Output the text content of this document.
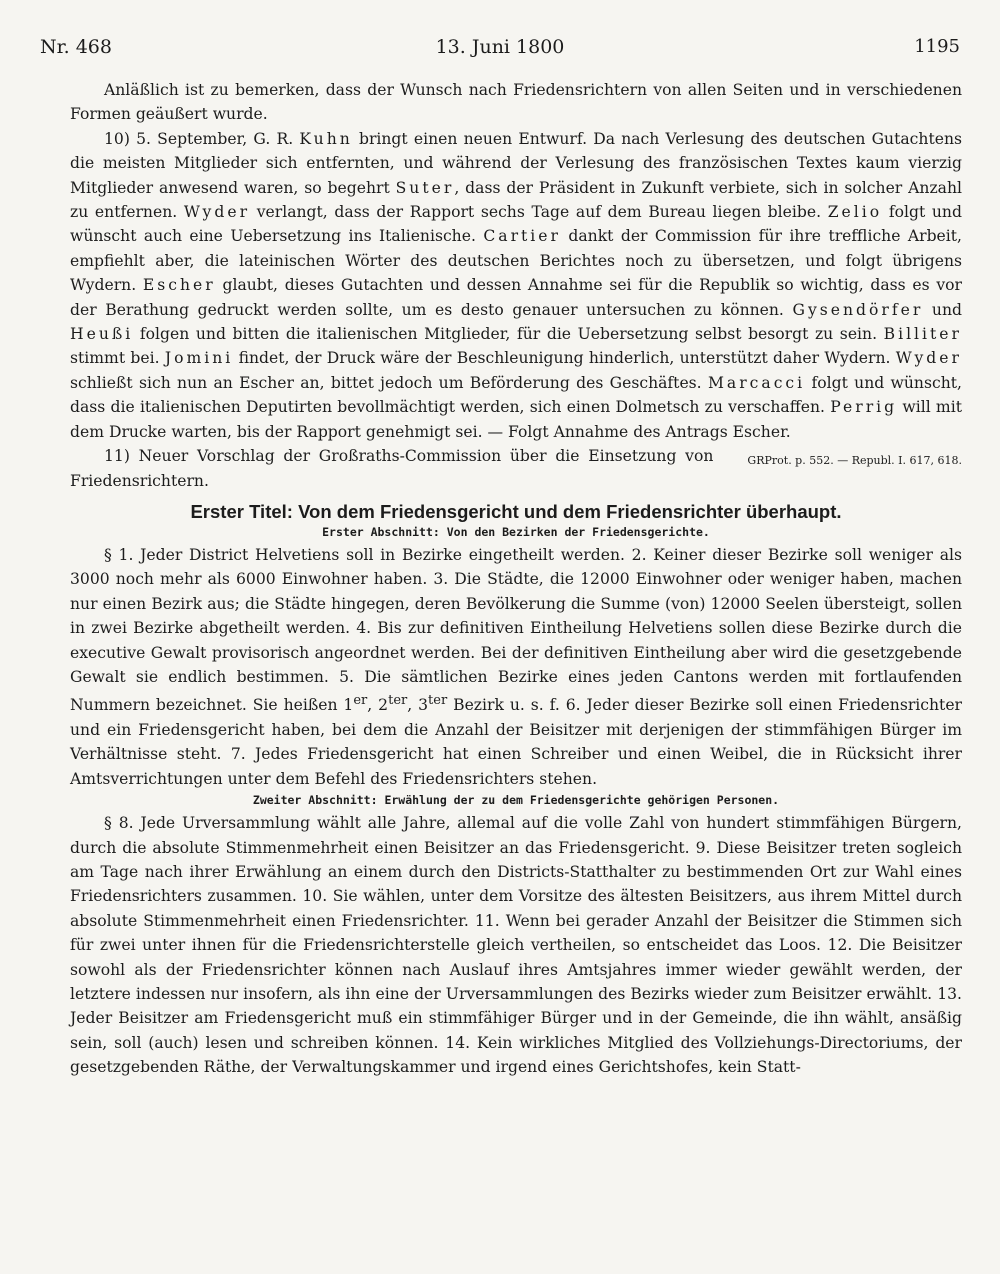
Nr. 468	13. Juni 1800	1195

Anläßlich ist zu bemerken, dass der Wunsch nach Friedensrichtern von allen Seiten und in verschiedenen Formen geäußert wurde.

10) 5. September, G. R. Kuhn bringt einen neuen Entwurf. Da nach Verlesung des deutschen Gutachtens die meisten Mitglieder sich entfernten, und während der Verlesung des französischen Textes kaum vierzig Mitglieder anwesend waren, so begehrt Suter, dass der Präsident in Zukunft verbiete, sich in solcher Anzahl zu entfernen. Wyder verlangt, dass der Rapport sechs Tage auf dem Bureau liegen bleibe. Zelio folgt und wünscht auch eine Uebersetzung ins Italienische. Cartier dankt der Commission für ihre treffliche Arbeit, empfiehlt aber, die lateinischen Wörter des deutschen Berichtes noch zu übersetzen, und folgt übrigens Wydern. Escher glaubt, dieses Gutachten und dessen Annahme sei für die Republik so wichtig, dass es vor der Berathung gedruckt werden sollte, um es desto genauer untersuchen zu können. Gysendörfer und Heußi folgen und bitten die italienischen Mitglieder, für die Uebersetzung selbst besorgt zu sein. Billiter stimmt bei. Jomini findet, der Druck wäre der Beschleunigung hinderlich, unterstützt daher Wydern. Wyder schließt sich nun an Escher an, bittet jedoch um Beförderung des Geschäftes. Marcacci folgt und wünscht, dass die italienischen Deputirten bevollmächtigt werden, sich einen Dolmetsch zu verschaffen. Perrig will mit dem Drucke warten, bis der Rapport genehmigt sei. — Folgt Annahme des Antrags Escher.
GRProt. p. 552. — Republ. I. 617, 618.

11) Neuer Vorschlag der Großraths-Commission über die Einsetzung von Friedensrichtern.

Erster Titel: Von dem Friedensgericht und dem Friedensrichter überhaupt.
Erster Abschnitt: Von den Bezirken der Friedensgerichte.

§ 1. Jeder District Helvetiens soll in Bezirke eingetheilt werden. 2. Keiner dieser Bezirke soll weniger als 3000 noch mehr als 6000 Einwohner haben. 3. Die Städte, die 12000 Einwohner oder weniger haben, machen nur einen Bezirk aus; die Städte hingegen, deren Bevölkerung die Summe (von) 12000 Seelen übersteigt, sollen in zwei Bezirke abgetheilt werden. 4. Bis zur definitiven Eintheilung Helvetiens sollen diese Bezirke durch die executive Gewalt provisorisch angeordnet werden. Bei der definitiven Eintheilung aber wird die gesetzgebende Gewalt sie endlich bestimmen. 5. Die sämtlichen Bezirke eines jeden Cantons werden mit fortlaufenden Nummern bezeichnet. Sie heißen 1er, $2^{ter}$, $3^{ter}$ Bezirk u. s. f. 6. Jeder dieser Bezirke soll einen Friedensrichter und ein Friedensgericht haben, bei dem die Anzahl der Beisitzer mit derjenigen der stimmfähigen Bürger im Verhältnisse steht. 7. Jedes Friedensgericht hat einen Schreiber und einen Weibel, die in Rücksicht ihrer Amtsverrichtungen unter dem Befehl des Friedensrichters stehen.

Zweiter Abschnitt: Erwählung der zu dem Friedensgerichte gehörigen Personen.

§ 8. Jede Urversammlung wählt alle Jahre, allemal auf die volle Zahl von hundert stimmfähigen Bürgern, durch die absolute Stimmenmehrheit einen Beisitzer an das Friedensgericht. 9. Diese Beisitzer treten sogleich am Tage nach ihrer Erwählung an einem durch den Districts-Statthalter zu bestimmenden Ort zur Wahl eines Friedensrichters zusammen. 10. Sie wählen, unter dem Vorsitze des ältesten Beisitzers, aus ihrem Mittel durch absolute Stimmenmehrheit einen Friedensrichter. 11. Wenn bei gerader Anzahl der Beisitzer die Stimmen sich für zwei unter ihnen für die Friedensrichterstelle gleich vertheilen, so entscheidet das Loos. 12. Die Beisitzer sowohl als der Friedensrichter können nach Auslauf ihres Amtsjahres immer wieder gewählt werden, der letztere indessen nur insofern, als ihn eine der Urversammlungen des Bezirks wieder zum Beisitzer erwählt. 13. Jeder Beisitzer am Friedensgericht muß ein stimmfähiger Bürger und in der Gemeinde, die ihn wählt, ansäßig sein, soll (auch) lesen und schreiben können. 14. Kein wirkliches Mitglied des Vollziehungs-Directoriums, der gesetzgebenden Räthe, der Verwaltungskammer und irgend eines Gerichtshofes, kein Statt-
